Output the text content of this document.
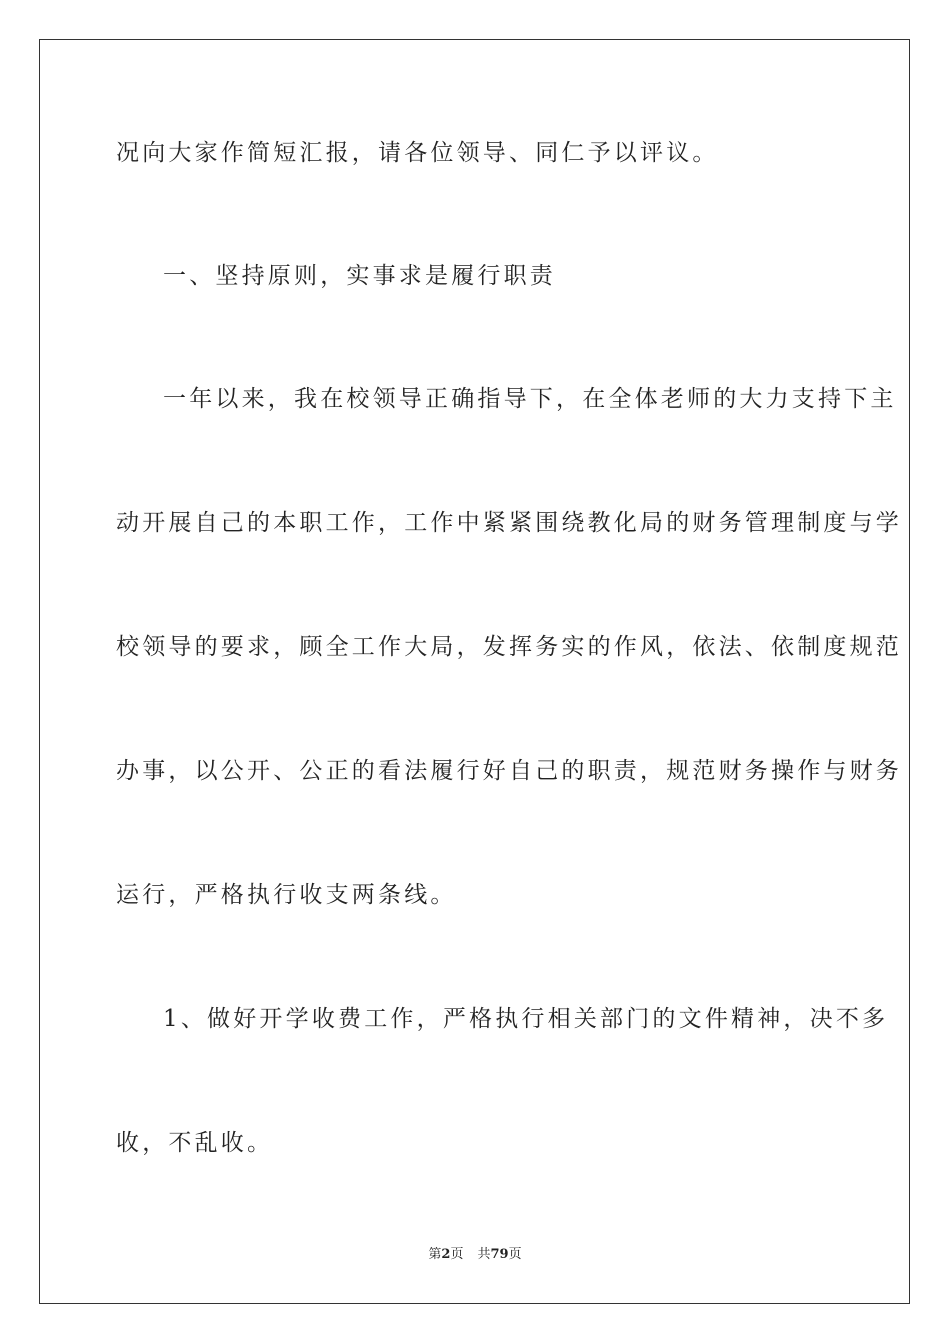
况向大家作简短汇报，请各位领导、同仁予以评议。
一、坚持原则，实事求是履行职责
一年以来，我在校领导正确指导下，在全体老师的大力支持下主
动开展自己的本职工作，工作中紧紧围绕教化局的财务管理制度与学
校领导的要求，顾全工作大局，发挥务实的作风，依法、依制度规范
办事，以公开、公正的看法履行好自己的职责，规范财务操作与财务
运行，严格执行收支两条线。
1、做好开学收费工作，严格执行相关部门的文件精神，决不多
收，不乱收。
第2页 共79页
